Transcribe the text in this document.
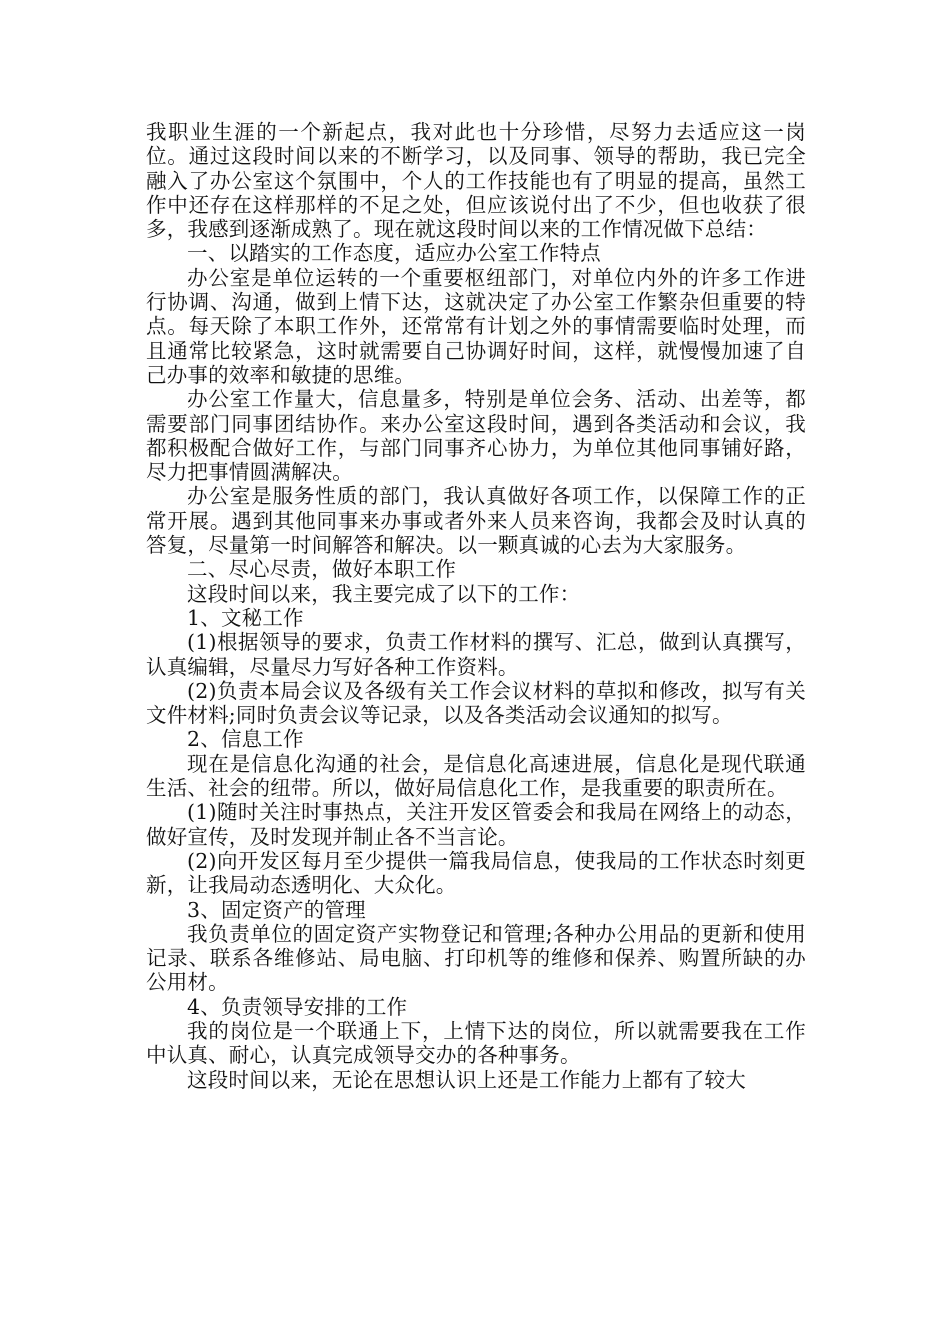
我职业生涯的一个新起点，我对此也十分珍惜，尽努力去适应这一岗位。通过这段时间以来的不断学习，以及同事、领导的帮助，我已完全融入了办公室这个氛围中，个人的工作技能也有了明显的提高，虽然工作中还存在这样那样的不足之处，但应该说付出了不少，但也收获了很多，我感到逐渐成熟了。现在就这段时间以来的工作情况做下总结：

一、以踏实的工作态度，适应办公室工作特点

办公室是单位运转的一个重要枢纽部门，对单位内外的许多工作进行协调、沟通，做到上情下达，这就决定了办公室工作繁杂但重要的特点。每天除了本职工作外，还常常有计划之外的事情需要临时处理，而且通常比较紧急，这时就需要自己协调好时间，这样，就慢慢加速了自己办事的效率和敏捷的思维。

办公室工作量大，信息量多，特别是单位会务、活动、出差等，都需要部门同事团结协作。来办公室这段时间，遇到各类活动和会议，我都积极配合做好工作，与部门同事齐心协力，为单位其他同事铺好路，尽力把事情圆满解决。

办公室是服务性质的部门，我认真做好各项工作，以保障工作的正常开展。遇到其他同事来办事或者外来人员来咨询，我都会及时认真的答复，尽量第一时间解答和解决。以一颗真诚的心去为大家服务。

二、尽心尽责，做好本职工作

这段时间以来，我主要完成了以下的工作：

1、文秘工作

(1)根据领导的要求，负责工作材料的撰写、汇总，做到认真撰写，认真编辑，尽量尽力写好各种工作资料。

(2)负责本局会议及各级有关工作会议材料的草拟和修改，拟写有关文件材料;同时负责会议等记录，以及各类活动会议通知的拟写。

2、信息工作

现在是信息化沟通的社会，是信息化高速进展，信息化是现代联通生活、社会的纽带。所以，做好局信息化工作，是我重要的职责所在。

(1)随时关注时事热点，关注开发区管委会和我局在网络上的动态，做好宣传，及时发现并制止各不当言论。

(2)向开发区每月至少提供一篇我局信息，使我局的工作状态时刻更新，让我局动态透明化、大众化。

3、固定资产的管理

我负责单位的固定资产实物登记和管理;各种办公用品的更新和使用记录、联系各维修站、局电脑、打印机等的维修和保养、购置所缺的办公用材。

4、负责领导安排的工作

我的岗位是一个联通上下，上情下达的岗位，所以就需要我在工作中认真、耐心，认真完成领导交办的各种事务。

这段时间以来，无论在思想认识上还是工作能力上都有了较大
